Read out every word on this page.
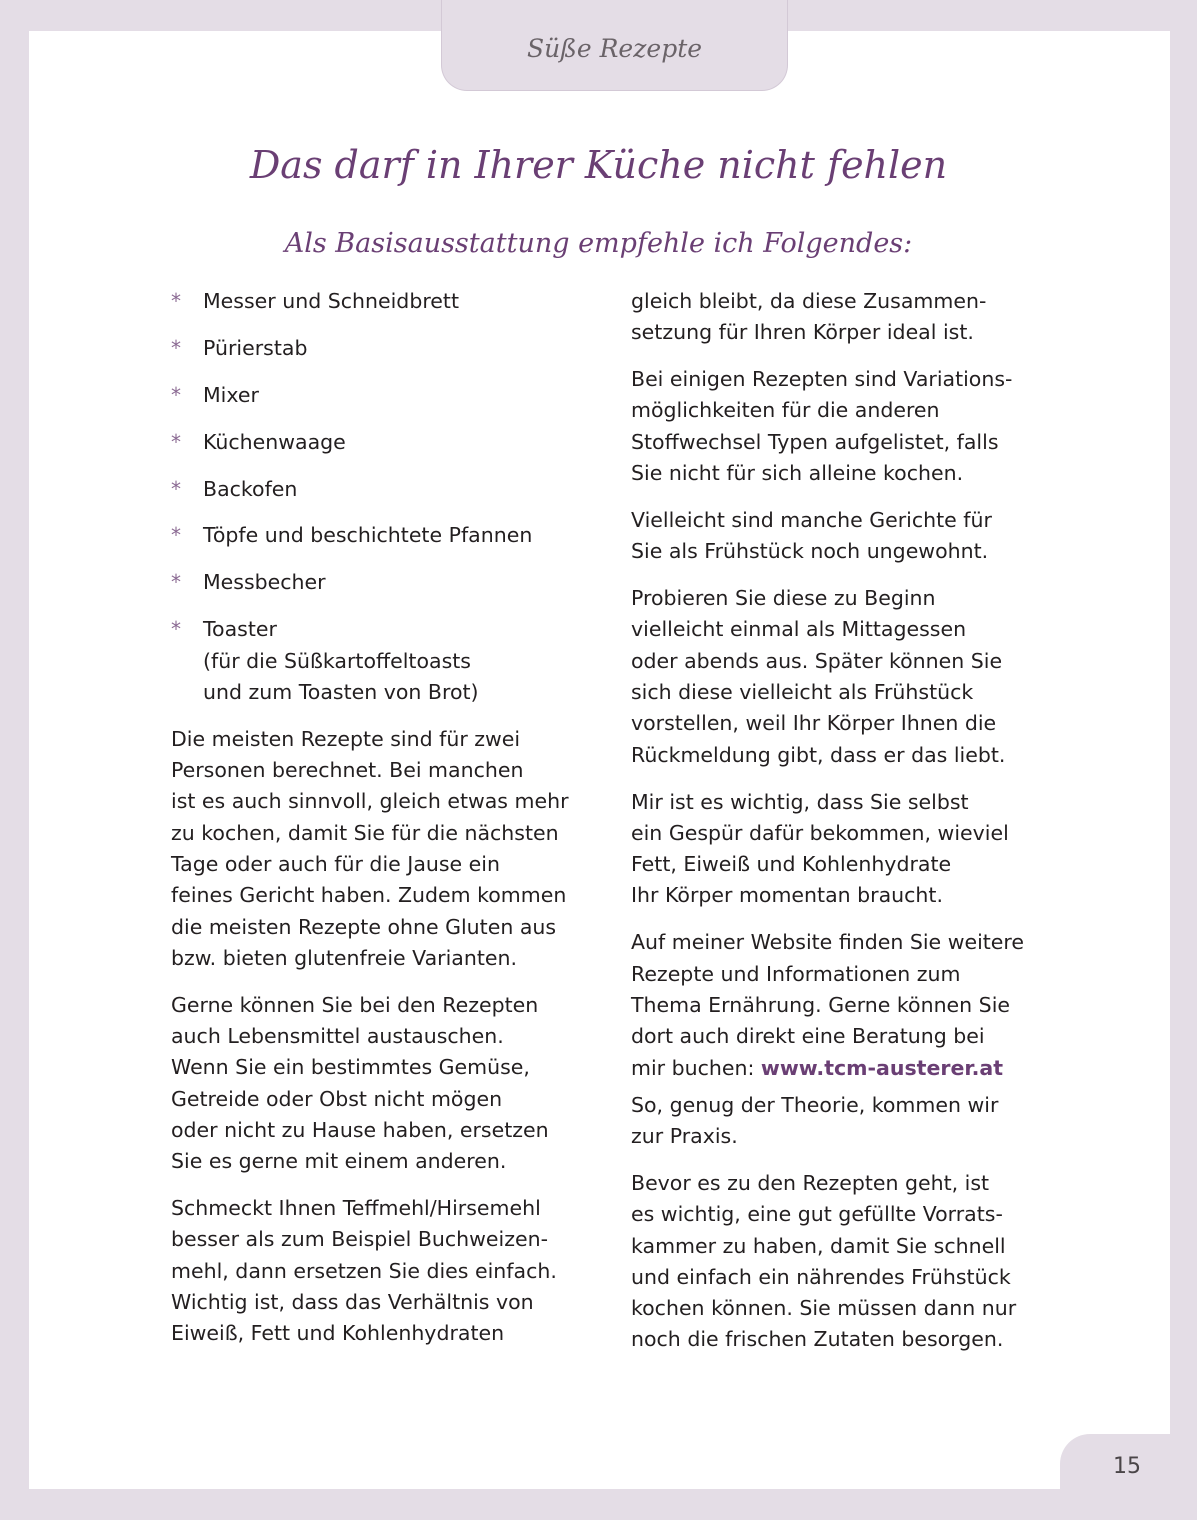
Süße Rezepte
Das darf in Ihrer Küche nicht fehlen
Als Basisausstattung empfehle ich Folgendes:
* Messer und Schneidbrett
* Pürierstab
* Mixer
* Küchenwaage
* Backofen
* Töpfe und beschichtete Pfannen
* Messbecher
* Toaster
(für die Süßkartoffeltoasts
und zum Toasten von Brot)

Die meisten Rezepte sind für zwei
Personen berechnet. Bei manchen
ist es auch sinnvoll, gleich etwas mehr
zu kochen, damit Sie für die nächsten
Tage oder auch für die Jause ein
feines Gericht haben. Zudem kommen
die meisten Rezepte ohne Gluten aus
bzw. bieten glutenfreie Varianten.

Gerne können Sie bei den Rezepten
auch Lebensmittel austauschen.
Wenn Sie ein bestimmtes Gemüse,
Getreide oder Obst nicht mögen
oder nicht zu Hause haben, ersetzen
Sie es gerne mit einem anderen.

Schmeckt Ihnen Teffmehl/Hirsemehl
besser als zum Beispiel Buchweizen-
mehl, dann ersetzen Sie dies einfach.
Wichtig ist, dass das Verhältnis von
Eiweiß, Fett und Kohlenhydraten

gleich bleibt, da diese Zusammen-
setzung für Ihren Körper ideal ist.

Bei einigen Rezepten sind Variations-
möglichkeiten für die anderen
Stoffwechsel Typen aufgelistet, falls
Sie nicht für sich alleine kochen.

Vielleicht sind manche Gerichte für
Sie als Frühstück noch ungewohnt.

Probieren Sie diese zu Beginn
vielleicht einmal als Mittagessen
oder abends aus. Später können Sie
sich diese vielleicht als Frühstück
vorstellen, weil Ihr Körper Ihnen die
Rückmeldung gibt, dass er das liebt.

Mir ist es wichtig, dass Sie selbst
ein Gespür dafür bekommen, wieviel
Fett, Eiweiß und Kohlenhydrate
Ihr Körper momentan braucht.

Auf meiner Website finden Sie weitere
Rezepte und Informationen zum
Thema Ernährung. Gerne können Sie
dort auch direkt eine Beratung bei
mir buchen: www.tcm-austerer.at

So, genug der Theorie, kommen wir
zur Praxis.

Bevor es zu den Rezepten geht, ist
es wichtig, eine gut gefüllte Vorrats-
kammer zu haben, damit Sie schnell
und einfach ein nährendes Frühstück
kochen können. Sie müssen dann nur
noch die frischen Zutaten besorgen.

15
